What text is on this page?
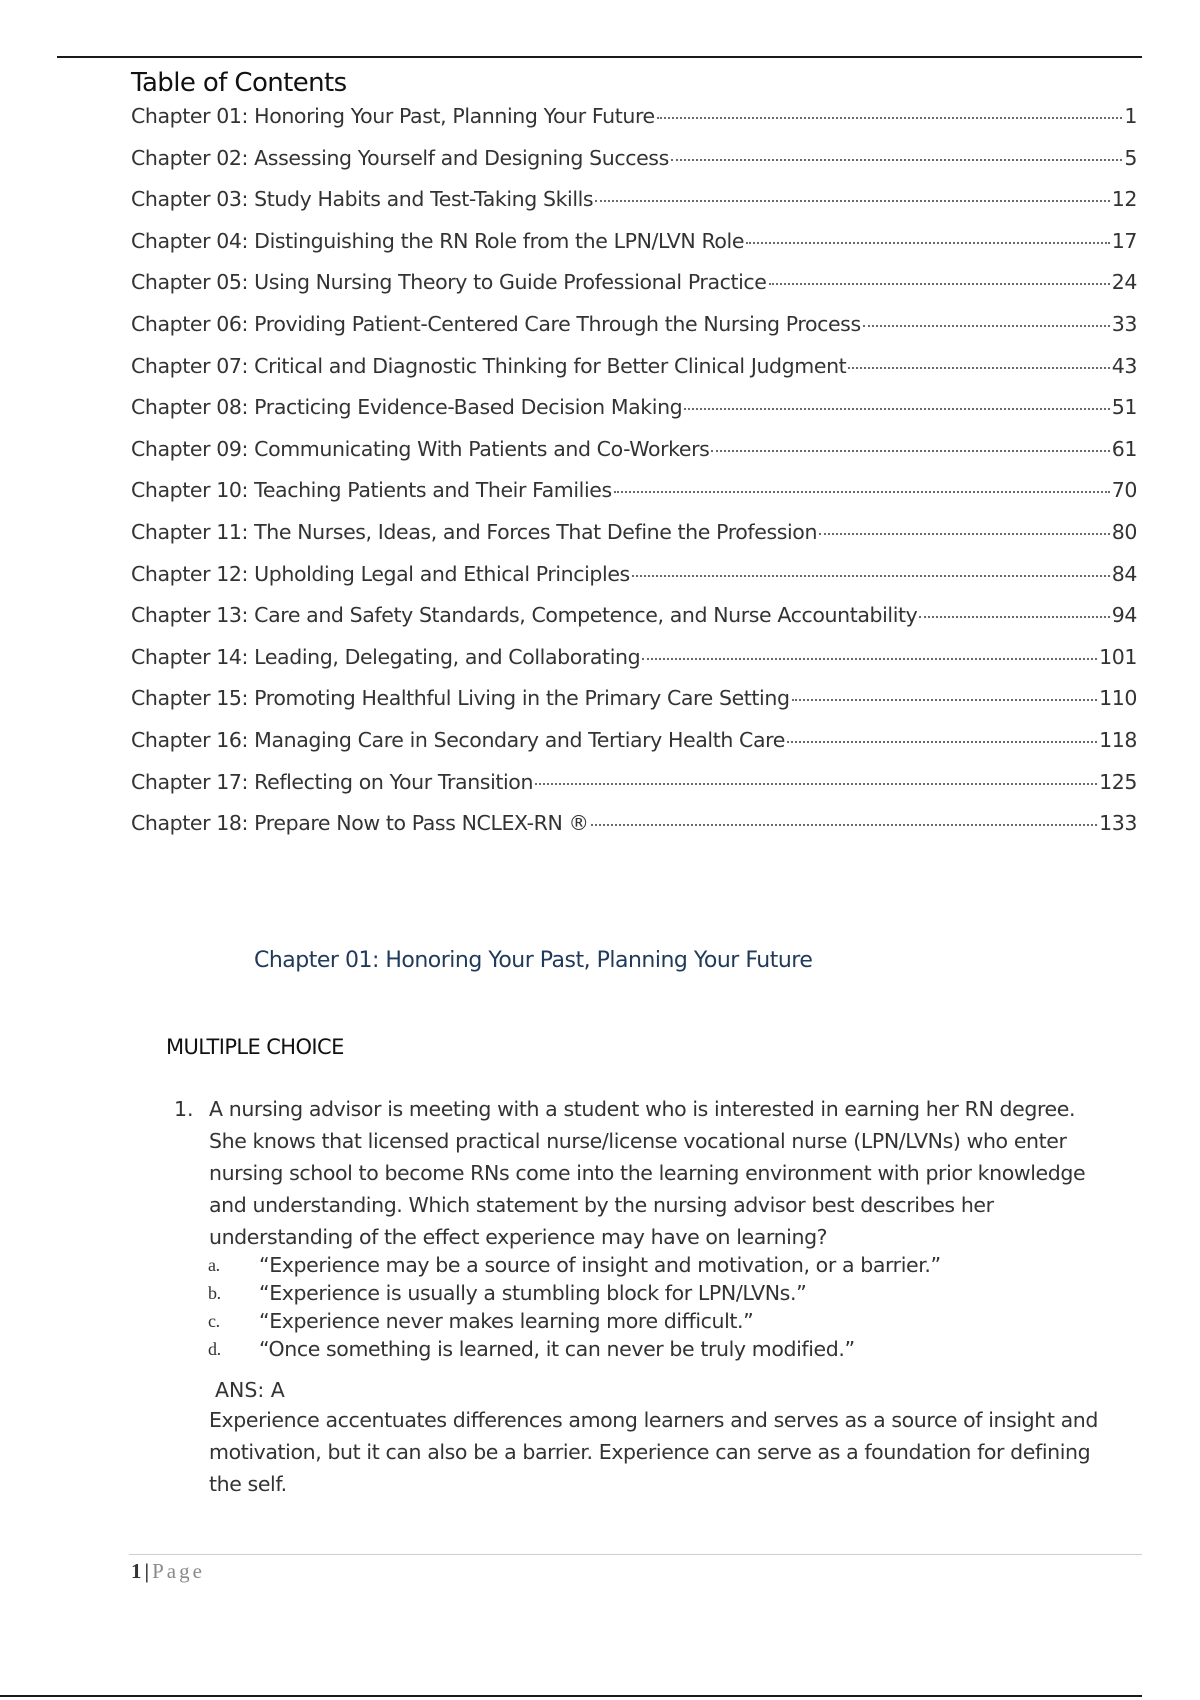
Table of Contents
Chapter 01: Honoring Your Past, Planning Your Future	1
Chapter 02: Assessing Yourself and Designing Success	5
Chapter 03: Study Habits and Test-Taking Skills	12
Chapter 04: Distinguishing the RN Role from the LPN/LVN Role	17
Chapter 05: Using Nursing Theory to Guide Professional Practice	24
Chapter 06: Providing Patient-Centered Care Through the Nursing Process	33
Chapter 07: Critical and Diagnostic Thinking for Better Clinical Judgment	43
Chapter 08: Practicing Evidence-Based Decision Making	51
Chapter 09: Communicating With Patients and Co-Workers	61
Chapter 10: Teaching Patients and Their Families	70
Chapter 11: The Nurses, Ideas, and Forces That Define the Profession	80
Chapter 12: Upholding Legal and Ethical Principles	84
Chapter 13: Care and Safety Standards, Competence, and Nurse Accountability	94
Chapter 14: Leading, Delegating, and Collaborating	101
Chapter 15: Promoting Healthful Living in the Primary Care Setting	110
Chapter 16: Managing Care in Secondary and Tertiary Health Care	118
Chapter 17: Reflecting on Your Transition	125
Chapter 18: Prepare Now to Pass NCLEX-RN ®	133
Chapter 01: Honoring Your Past, Planning Your Future
MULTIPLE CHOICE
1. A nursing advisor is meeting with a student who is interested in earning her RN degree. She knows that licensed practical nurse/license vocational nurse (LPN/LVNs) who enter nursing school to become RNs come into the learning environment with prior knowledge and understanding. Which statement by the nursing advisor best describes her understanding of the effect experience may have on learning?

a. “Experience may be a source of insight and motivation, or a barrier.”
b. “Experience is usually a stumbling block for LPN/LVNs.”
c. “Experience never makes learning more difficult.”
d. “Once something is learned, it can never be truly modified.”
ANS: A

Experience accentuates differences among learners and serves as a source of insight and motivation, but it can also be a barrier. Experience can serve as a foundation for defining the self.

1 | Page
